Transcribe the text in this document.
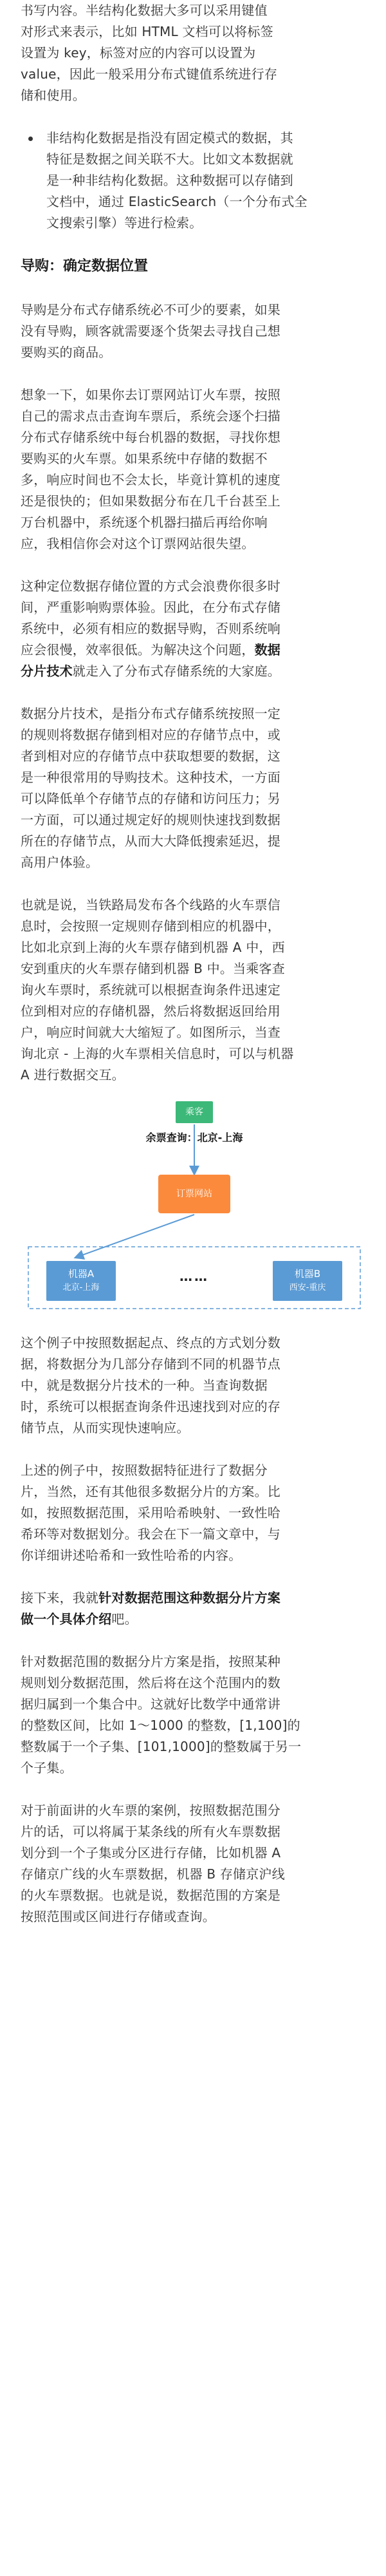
书写内容。半结构化数据大多可以采用键值

对形式来表示，比如 HTML 文档可以将标签

设置为 key，标签对应的内容可以设置为

value，因此一般采用分布式键值系统进行存

储和使用。

非结构化数据是指没有固定模式的数据，其

特征是数据之间关联不大。比如文本数据就

是一种非结构化数据。这种数据可以存储到

文档中，通过 ElasticSearch（一个分布式全

文搜索引擎）等进行检索。

导购：确定数据位置

导购是分布式存储系统必不可少的要素，如果

没有导购，顾客就需要逐个货架去寻找自己想

要购买的商品。

想象一下，如果你去订票网站订火车票，按照

自己的需求点击查询车票后，系统会逐个扫描

分布式存储系统中每台机器的数据，寻找你想

要购买的火车票。如果系统中存储的数据不

多，响应时间也不会太长，毕竟计算机的速度

还是很快的；但如果数据分布在几千台甚至上

万台机器中，系统逐个机器扫描后再给你响

应，我相信你会对这个订票网站很失望。

这种定位数据存储位置的方式会浪费你很多时

间，严重影响购票体验。因此，在分布式存储

系统中，必须有相应的数据导购，否则系统响

应会很慢，效率很低。为解决这个问题，数据

分片技术就走入了分布式存储系统的大家庭。

数据分片技术，是指分布式存储系统按照一定

的规则将数据存储到相对应的存储节点中，或

者到相对应的存储节点中获取想要的数据，这

是一种很常用的导购技术。这种技术，一方面

可以降低单个存储节点的存储和访问压力；另

一方面，可以通过规定好的规则快速找到数据

所在的存储节点，从而大大降低搜索延迟，提

高用户体验。

也就是说，当铁路局发布各个线路的火车票信

息时，会按照一定规则存储到相应的机器中，

比如北京到上海的火车票存储到机器 A 中，西

安到重庆的火车票存储到机器 B 中。当乘客查

询火车票时，系统就可以根据查询条件迅速定

位到相对应的存储机器，然后将数据返回给用

户，响应时间就大大缩短了。如图所示，当查

询北京 - 上海的火车票相关信息时，可以与机器

A 进行数据交互。

乘客
余票查询：北京-上海
订票网站
机器A
北京-上海
……	机器B
西安-重庆

这个例子中按照数据起点、终点的方式划分数

据，将数据分为几部分存储到不同的机器节点

中，就是数据分片技术的一种。当查询数据

时，系统可以根据查询条件迅速找到对应的存

储节点，从而实现快速响应。

上述的例子中，按照数据特征进行了数据分

片，当然，还有其他很多数据分片的方案。比

如，按照数据范围，采用哈希映射、一致性哈

希环等对数据划分。我会在下一篇文章中，与

你详细讲述哈希和一致性哈希的内容。

接下来，我就针对数据范围这种数据分片方案

做一个具体介绍吧。

针对数据范围的数据分片方案是指，按照某种

规则划分数据范围，然后将在这个范围内的数

据归属到一个集合中。这就好比数学中通常讲

的整数区间，比如 1～1000 的整数，[1,100]的

整数属于一个子集、[101,1000]的整数属于另一

个子集。

对于前面讲的火车票的案例，按照数据范围分

片的话，可以将属于某条线的所有火车票数据

划分到一个子集或分区进行存储，比如机器 A

存储京广线的火车票数据，机器 B 存储京沪线

的火车票数据。也就是说，数据范围的方案是

按照范围或区间进行存储或查询。
